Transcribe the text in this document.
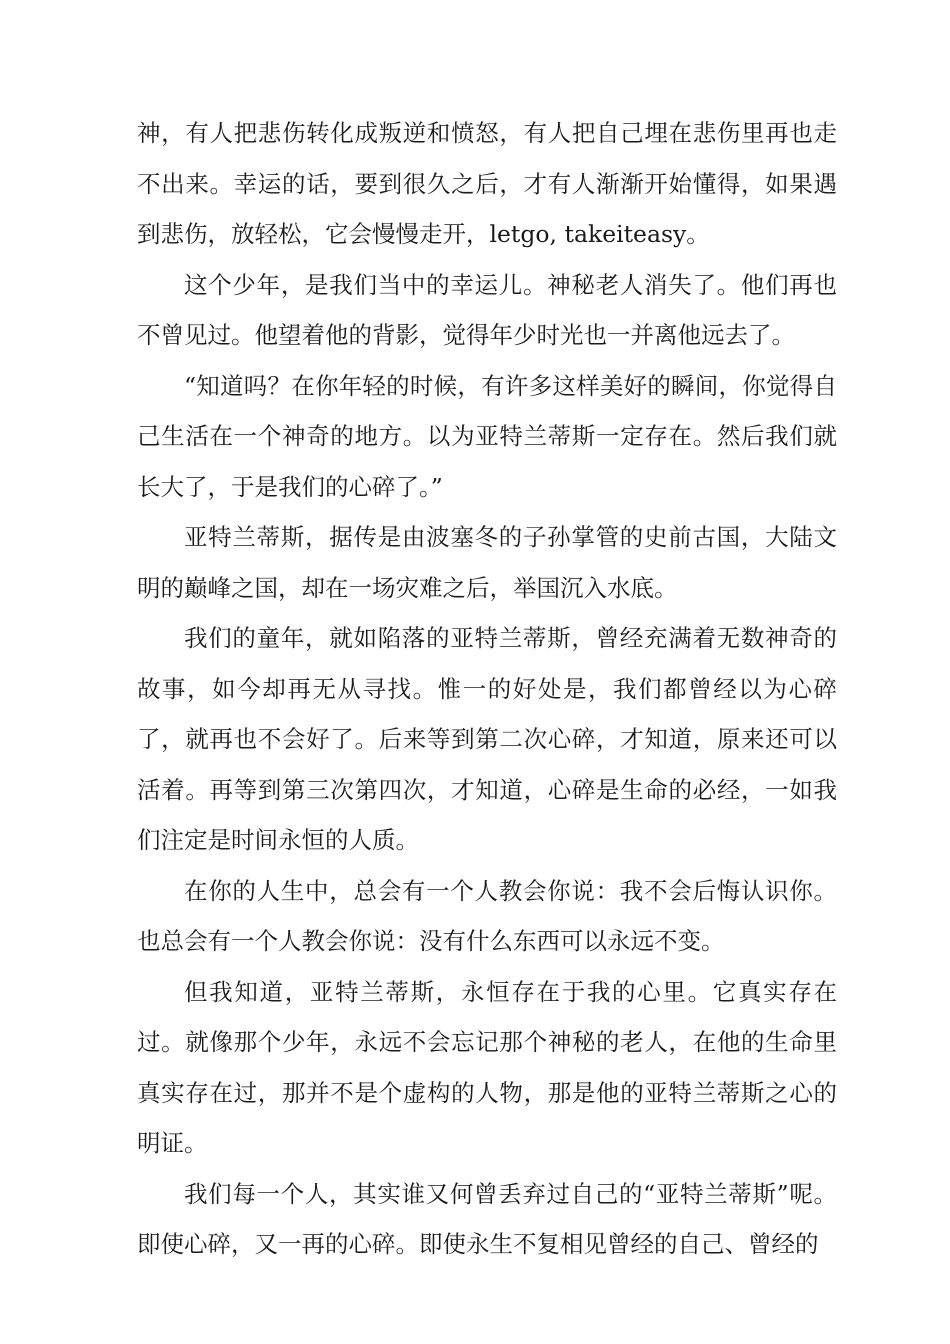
神，有人把悲伤转化成叛逆和愤怒，有人把自己埋在悲伤里再也走不出来。幸运的话，要到很久之后，才有人渐渐开始懂得，如果遇到悲伤，放轻松，它会慢慢走开，letgo, takeiteasy。

这个少年，是我们当中的幸运儿。神秘老人消失了。他们再也不曾见过。他望着他的背影，觉得年少时光也一并离他远去了。

“知道吗？在你年轻的时候，有许多这样美好的瞬间，你觉得自己生活在一个神奇的地方。以为亚特兰蒂斯一定存在。然后我们就长大了，于是我们的心碎了。”

亚特兰蒂斯，据传是由波塞冬的子孙掌管的史前古国，大陆文明的巅峰之国，却在一场灾难之后，举国沉入水底。

我们的童年，就如陷落的亚特兰蒂斯，曾经充满着无数神奇的故事，如今却再无从寻找。惟一的好处是，我们都曾经以为心碎了，就再也不会好了。后来等到第二次心碎，才知道，原来还可以活着。再等到第三次第四次，才知道，心碎是生命的必经，一如我们注定是时间永恒的人质。

在你的人生中，总会有一个人教会你说：我不会后悔认识你。也总会有一个人教会你说：没有什么东西可以永远不变。

但我知道，亚特兰蒂斯，永恒存在于我的心里。它真实存在过。就像那个少年，永远不会忘记那个神秘的老人，在他的生命里真实存在过，那并不是个虚构的人物，那是他的亚特兰蒂斯之心的明证。

我们每一个人，其实谁又何曾丢弃过自己的“亚特兰蒂斯”呢。即使心碎，又一再的心碎。即使永生不复相见曾经的自己、曾经的
